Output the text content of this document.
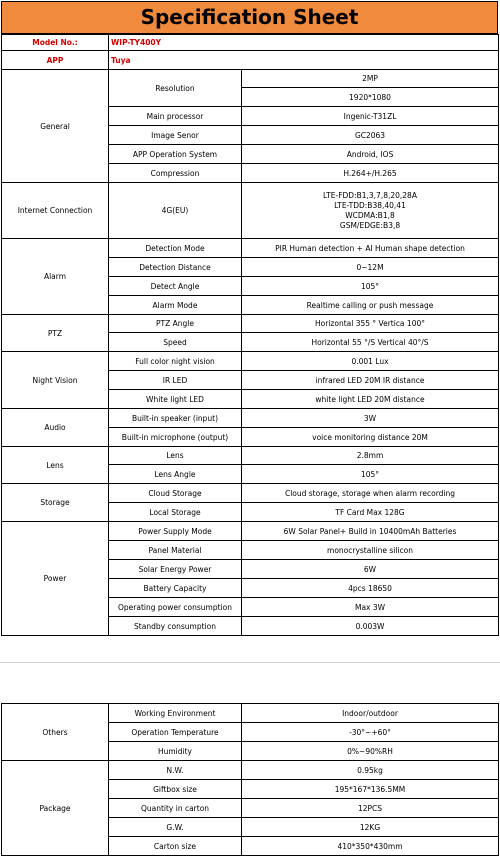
Specification Sheet
Model No.:	WIP-TY400Y	
APP	Tuya	
General	Resolution	2MP
		1920*1080
	Main processor	Ingenic-T31ZL
	Image Senor	GC2063
	APP Operation System	Android, IOS
	Compression	H.264+/H.265
Internet Connection	4G(EU)	LTE-FDD:B1,3,7,8,20,28A
LTE-TDD:B38,40,41
WCDMA:B1,8
GSM/EDGE:B3,8

Alarm	Detection Mode	PIR Human detection + AI Human shape detection
	Detection Distance	0~12M
	Detect Angle	105°
	Alarm Mode	Realtime calling or push message
PTZ	PTZ Angle	Horizontal 355 ° Vertica 100°
	Speed	Horizontal 55 °/S Vertical 40°/S
Night Vision	Full color night vision	0.001 Lux
	IR LED	infrared LED 20M IR distance
	White light LED	white light LED 20M distance
Audio	Built-in speaker (input)	3W
	Built-in microphone (output)	voice monitoring distance 20M
Lens	Lens	2.8mm
	Lens Angle	105°
Storage	Cloud Storage	Cloud storage, storage when alarm recording
	Local Storage	TF Card Max 128G
Power	Power Supply Mode	6W Solar Panel+ Build in 10400mAh Batteries
	Panel Material	monocrystalline silicon
	Solar Energy Power	6W
	Battery Capacity	4pcs 18650
	Operating power consumption	Max 3W
	Standby consumption	0.003W
Others	Working Environment	Indoor/outdoor
	Operation Temperature	-30°~+60°
	Humidity	0%~90%RH
Package	N.W.	0.95kg
	Giftbox size	195*167*136.5MM
	Quantity in carton	12PCS
	G.W.	12KG
	Carton size	410*350*430mm
